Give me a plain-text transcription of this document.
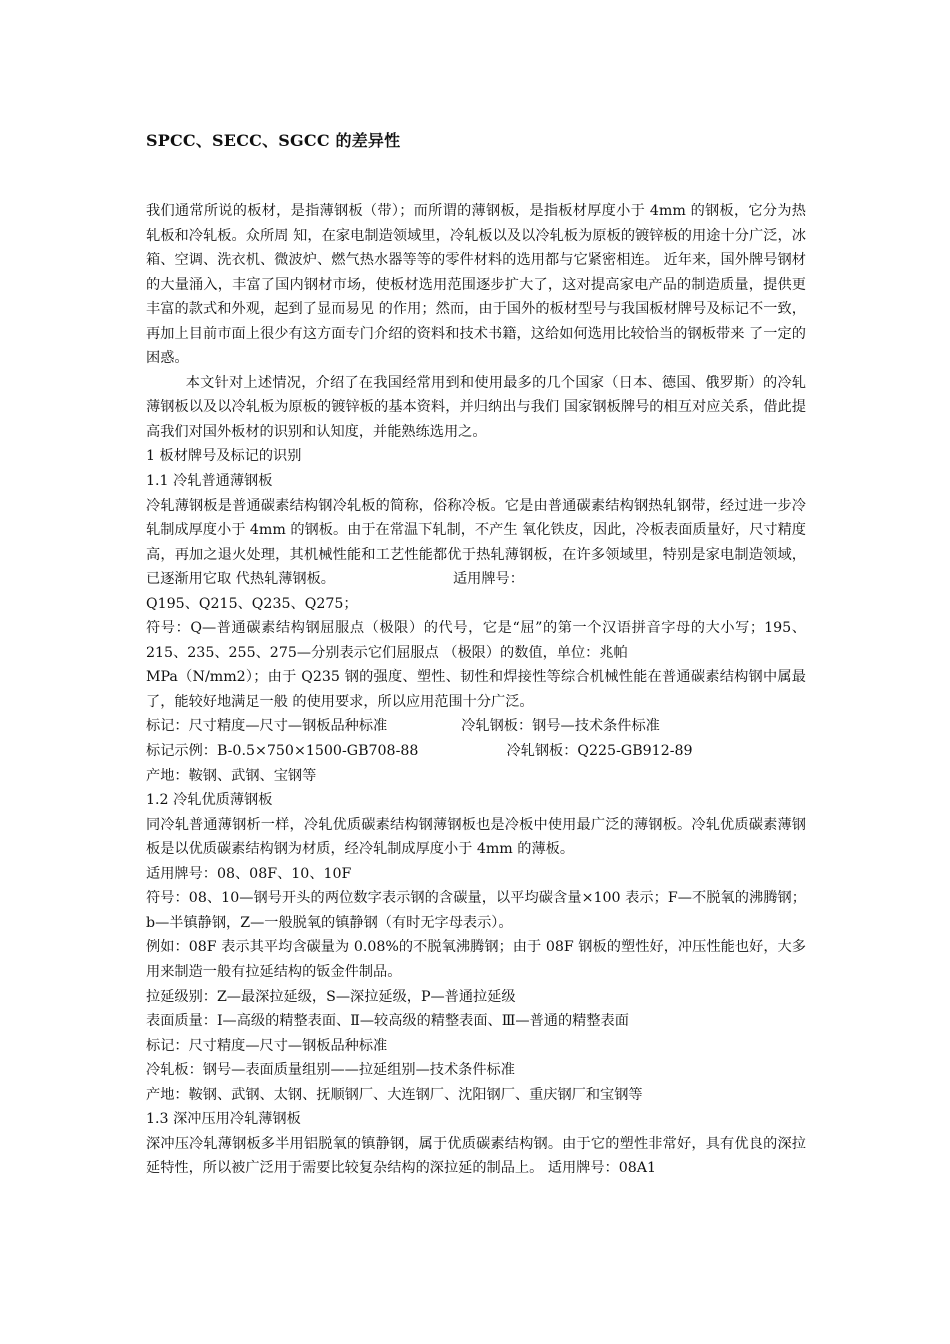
SPCC、SECC、SGCC 的差异性

我们通常所说的板材，是指薄钢板（带）；而所谓的薄钢板，是指板材厚度小于 4mm 的钢板，它分为热轧板和冷轧板。众所周 知，在家电制造领域里，冷轧板以及以冷轧板为原板的镀锌板的用途十分广泛，冰箱、空调、洗衣机、微波炉、燃气热水器等等的零件材料的选用都与它紧密相连。 近年来，国外牌号钢材的大量涌入，丰富了国内钢材市场，使板材选用范围逐步扩大了，这对提高家电产品的制造质量，提供更丰富的款式和外观，起到了显而易见 的作用；然而，由于国外的板材型号与我国板材牌号及标记不一致，再加上目前市面上很少有这方面专门介绍的资料和技术书籍，这给如何选用比较恰当的钢板带来 了一定的困惑。

本文针对上述情况，介绍了在我国经常用到和使用最多的几个国家（日本、德国、俄罗斯）的冷轧薄钢板以及以冷轧板为原板的镀锌板的基本资料，并归纳出与我们 国家钢板牌号的相互对应关系，借此提高我们对国外板材的识别和认知度，并能熟练选用之。

1 板材牌号及标记的识别

1.1 冷轧普通薄钢板

冷轧薄钢板是普通碳素结构钢冷轧板的简称，俗称冷板。它是由普通碳素结构钢热轧钢带，经过进一步冷轧制成厚度小于 4mm 的钢板。由于在常温下轧制，不产生 氧化铁皮，因此，冷板表面质量好，尺寸精度高，再加之退火处理，其机械性能和工艺性能都优于热轧薄钢板，在许多领域里，特别是家电制造领域，已逐渐用它取 代热轧薄钢板。	适用牌号：

Q195、Q215、Q235、Q275；

符号：Q—普通碳素结构钢屈服点（极限）的代号，它是“屈”的第一个汉语拼音字母的大小写；195、215、235、255、275—分别表示它们屈服点 （极限）的数值，单位：兆帕

MPa（N/mm2）；由于 Q235 钢的强度、塑性、韧性和焊接性等综合机械性能在普通碳素结构钢中属最了，能较好地满足一般 的使用要求，所以应用范围十分广泛。

标记：尺寸精度—尺寸—钢板品种标准	冷轧钢板：钢号—技术条件标准

标记示例：B-0.5×750×1500-GB708-88	冷轧钢板：Q225-GB912-89

产地：鞍钢、武钢、宝钢等

1.2 冷轧优质薄钢板

同冷轧普通薄钢析一样，冷轧优质碳素结构钢薄钢板也是冷板中使用最广泛的薄钢板。冷轧优质碳素薄钢板是以优质碳素结构钢为材质，经冷轧制成厚度小于 4mm 的薄板。

适用牌号：08、08F、10、10F

符号：08、10—钢号开头的两位数字表示钢的含碳量，以平均碳含量×100 表示；F—不脱氧的沸腾钢；b—半镇静钢，Z—一般脱氧的镇静钢（有时无字母表示）。

例如：08F 表示其平均含碳量为 0.08%的不脱氧沸腾钢；由于 08F 钢板的塑性好，冲压性能也好，大多用来制造一般有拉延结构的钣金件制品。

拉延级别：Z—最深拉延级，S—深拉延级，P—普通拉延级

表面质量：Ⅰ—高级的精整表面、Ⅱ—较高级的精整表面、Ⅲ—普通的精整表面

标记：尺寸精度—尺寸—钢板品种标准

冷轧板：钢号—表面质量组别——拉延组别—技术条件标准

产地：鞍钢、武钢、太钢、抚顺钢厂、大连钢厂、沈阳钢厂、重庆钢厂和宝钢等

1.3 深冲压用冷轧薄钢板

深冲压冷轧薄钢板多半用铝脱氧的镇静钢，属于优质碳素结构钢。由于它的塑性非常好，具有优良的深拉延特性，所以被广泛用于需要比较复杂结构的深拉延的制品上。 适用牌号：08A1
